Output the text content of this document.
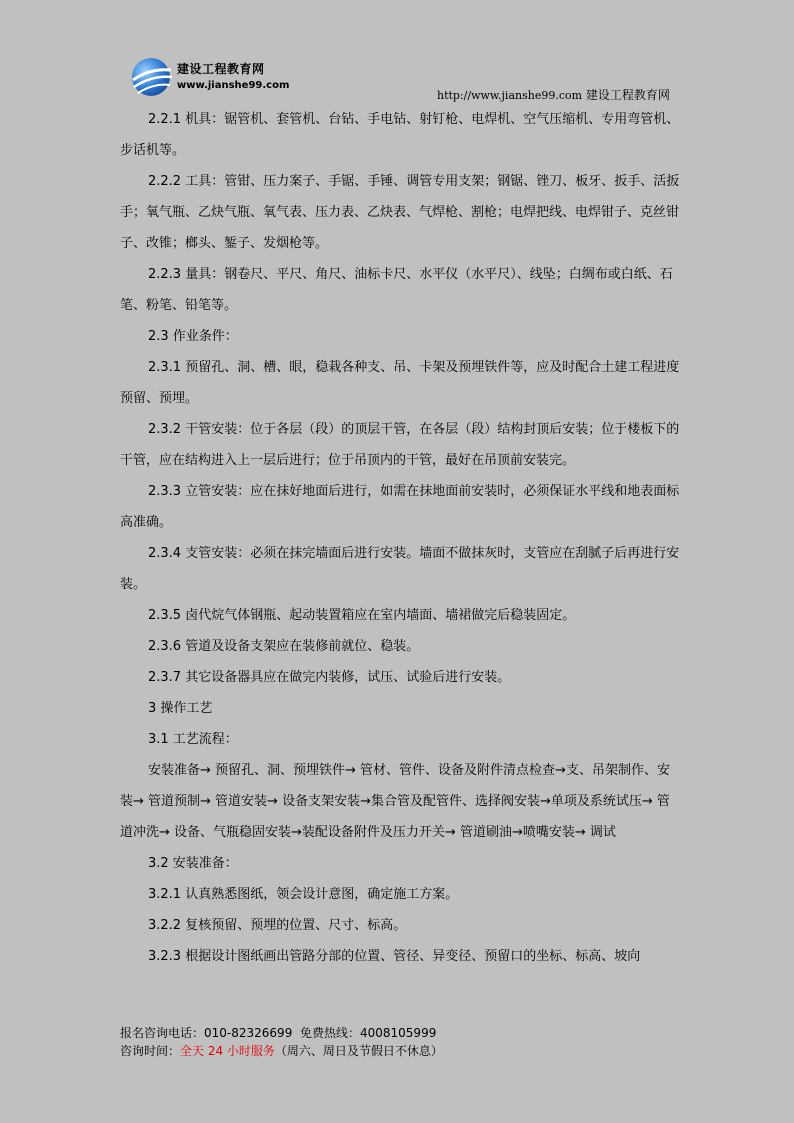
建设工程教育网
www.jianshe99.com
http://www.jianshe99.com 建设工程教育网

2.2.1 机具：锯管机、套管机、台钻、手电钻、射钉枪、电焊机、空气压缩机、专用弯管机、步话机等。

2.2.2 工具：管钳、压力案子、手锯、手锤、调管专用支架；钢锯、锉刀、板牙、扳手、活扳手；氧气瓶、乙炔气瓶、氧气表、压力表、乙炔表、气焊枪、割枪；电焊把线、电焊钳子、克丝钳子、改锥；榔头、錾子、发烟枪等。

2.2.3 量具：钢卷尺、平尺、角尺、油标卡尺、水平仪（水平尺）、线坠；白绸布或白纸、石笔、粉笔、铅笔等。

2.3 作业条件：

2.3.1 预留孔、洞、槽、眼，稳栽各种支、吊、卡架及预埋铁件等，应及时配合土建工程进度预留、预埋。

2.3.2 干管安装：位于各层（段）的顶层干管，在各层（段）结构封顶后安装；位于楼板下的干管，应在结构进入上一层后进行；位于吊顶内的干管，最好在吊顶前安装完。

2.3.3 立管安装：应在抹好地面后进行，如需在抹地面前安装时，必须保证水平线和地表面标高准确。

2.3.4 支管安装：必须在抹完墙面后进行安装。墙面不做抹灰时，支管应在刮腻子后再进行安装。

2.3.5 卤代烷气体钢瓶、起动装置箱应在室内墙面、墙裙做完后稳装固定。

2.3.6 管道及设备支架应在装修前就位、稳装。

2.3.7 其它设备器具应在做完内装修，试压、试验后进行安装。

3 操作工艺

3.1 工艺流程：

安装准备→ 预留孔、洞、预埋铁件→ 管材、管件、设备及附件清点检查→支、吊架制作、安装→ 管道预制→ 管道安装→ 设备支架安装→集合管及配管件、选择阀安装→单项及系统试压→ 管道冲洗→ 设备、气瓶稳固安装→装配设备附件及压力开关→ 管道刷油→喷嘴安装→ 调试

3.2 安装准备：

3.2.1 认真熟悉图纸，领会设计意图，确定施工方案。

3.2.2 复核预留、预埋的位置、尺寸、标高。

3.2.3 根据设计图纸画出管路分部的位置、管径、异变径、预留口的坐标、标高、坡向

报名咨询电话：010-82326699 免费热线：4008105999
咨询时间：全天 24 小时服务（周六、周日及节假日不休息）
